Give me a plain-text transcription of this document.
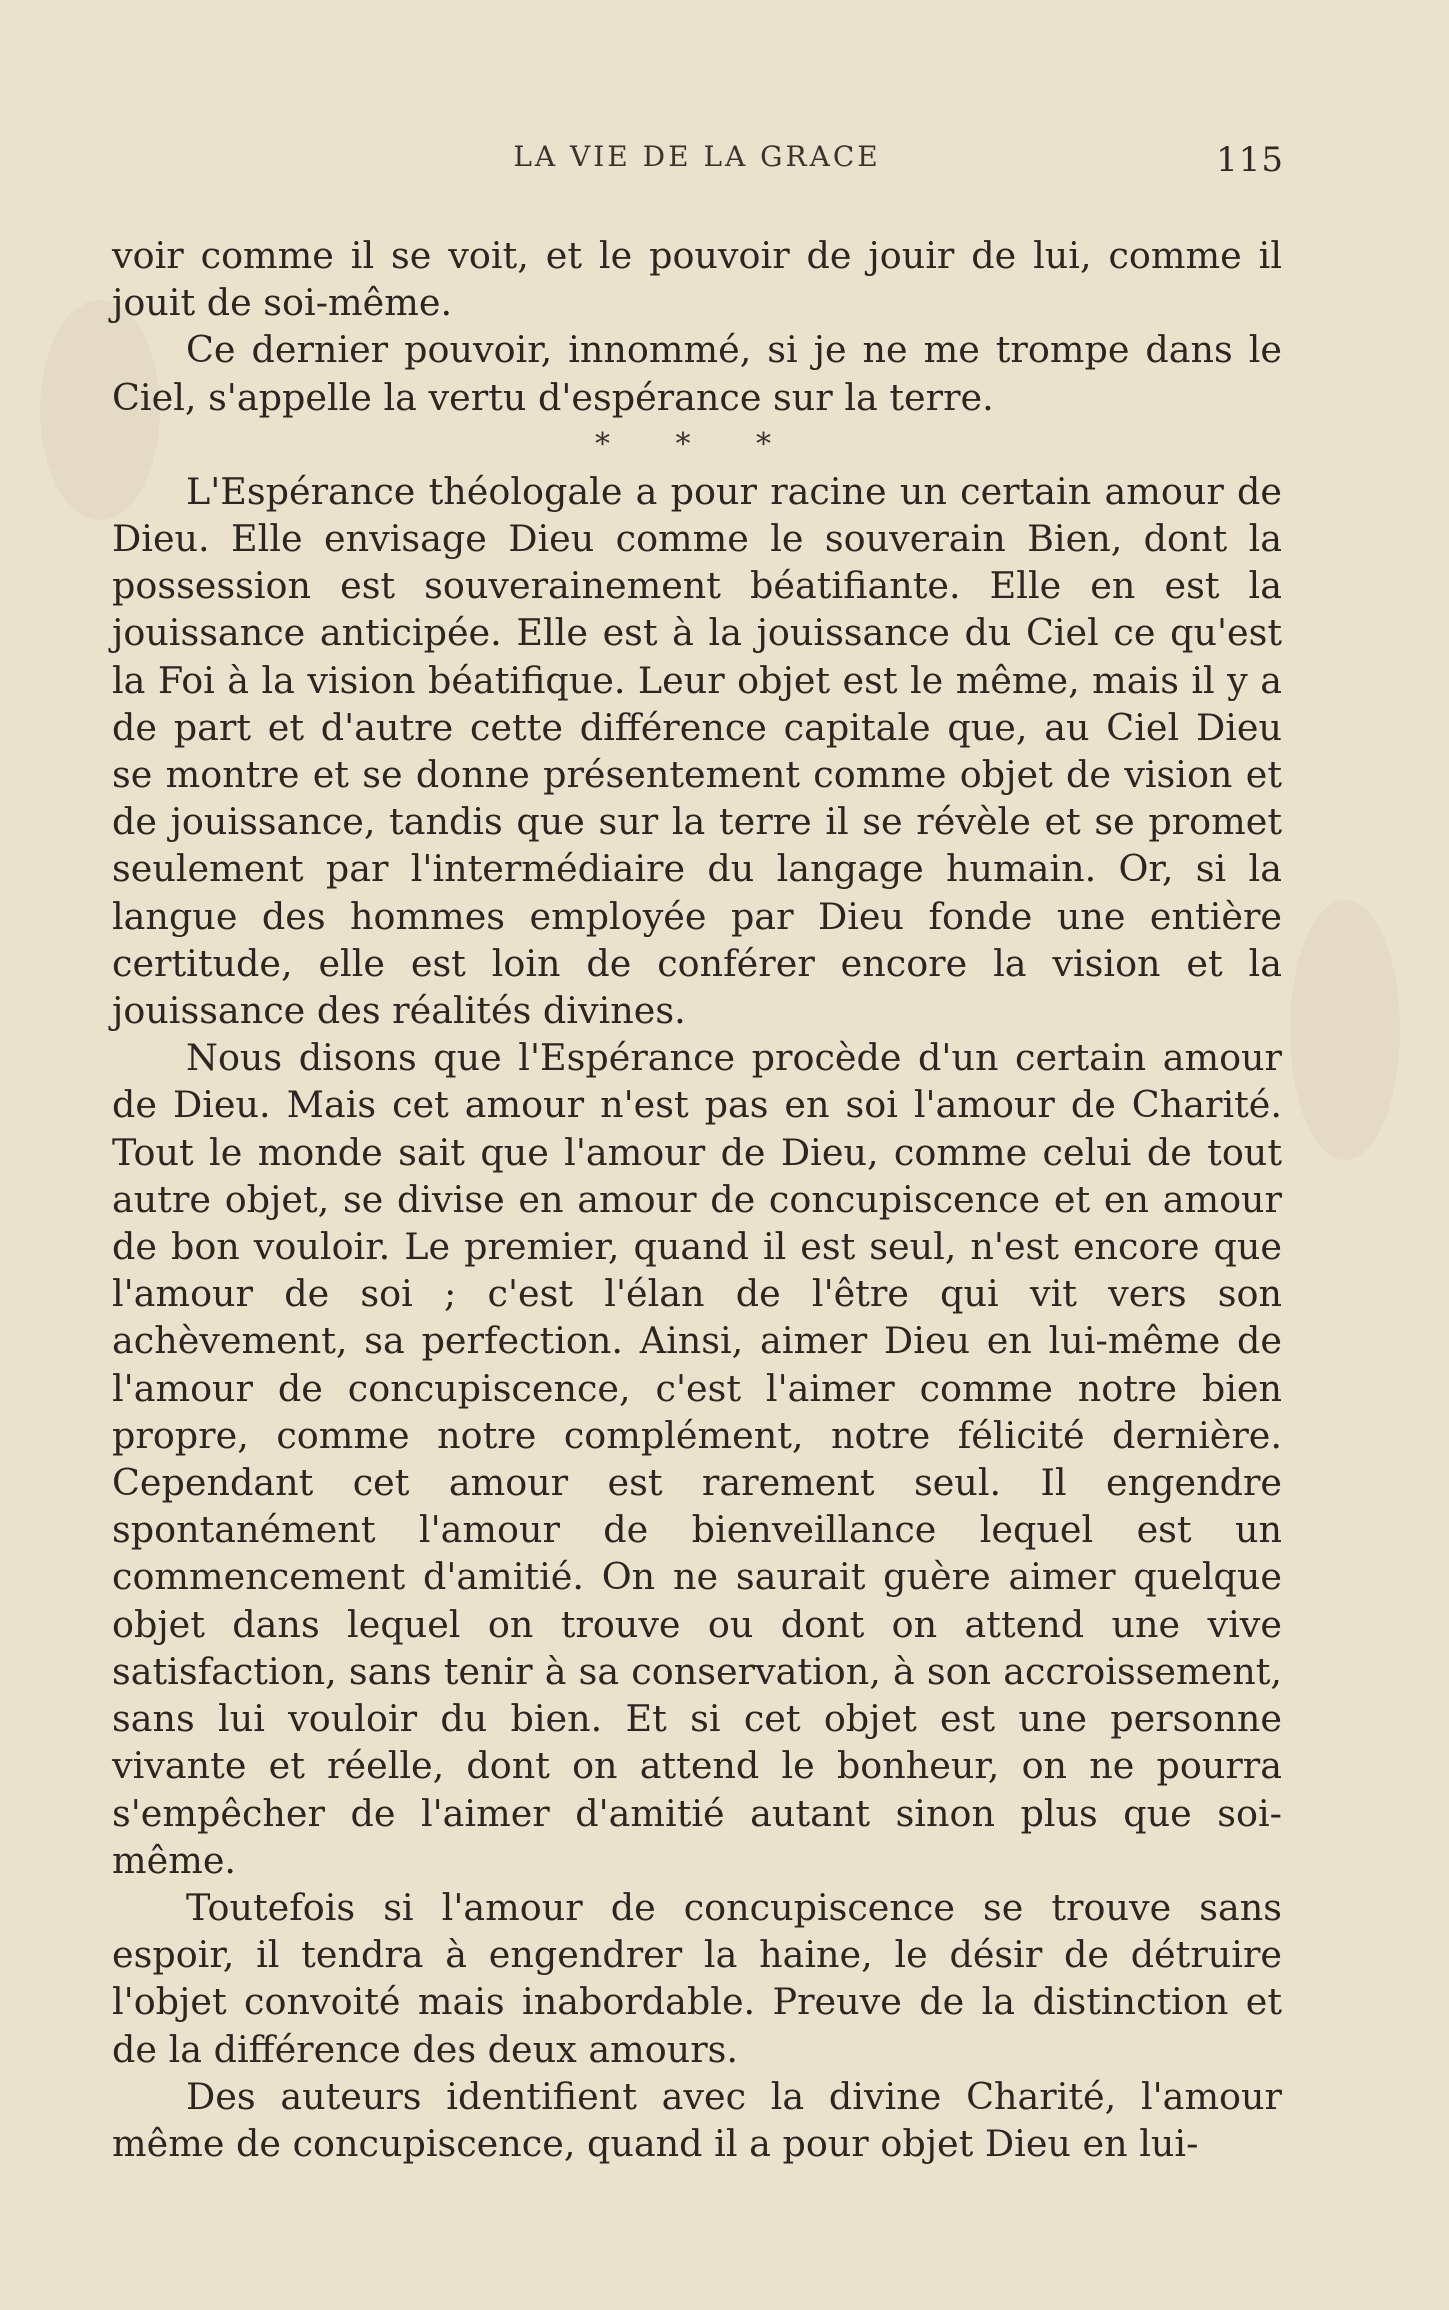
LA VIE DE LA GRACE	115

voir comme il se voit, et le pouvoir de jouir de lui, comme il jouit de soi-même.

Ce dernier pouvoir, innommé, si je ne me trompe dans le Ciel, s'appelle la vertu d'espérance sur la terre.

* * *

L'Espérance théologale a pour racine un certain amour de Dieu. Elle envisage Dieu comme le souverain Bien, dont la possession est souverainement béatifiante. Elle en est la jouissance anticipée. Elle est à la jouissance du Ciel ce qu'est la Foi à la vision béatifique. Leur objet est le même, mais il y a de part et d'autre cette différence capitale que, au Ciel Dieu se montre et se donne présentement comme objet de vision et de jouissance, tandis que sur la terre il se révèle et se promet seulement par l'intermédiaire du langage humain. Or, si la langue des hommes employée par Dieu fonde une entière certitude, elle est loin de conférer encore la vision et la jouissance des réalités divines.

Nous disons que l'Espérance procède d'un certain amour de Dieu. Mais cet amour n'est pas en soi l'amour de Charité. Tout le monde sait que l'amour de Dieu, comme celui de tout autre objet, se divise en amour de concupiscence et en amour de bon vouloir. Le premier, quand il est seul, n'est encore que l'amour de soi ; c'est l'élan de l'être qui vit vers son achèvement, sa perfection. Ainsi, aimer Dieu en lui-même de l'amour de concupiscence, c'est l'aimer comme notre bien propre, comme notre complément, notre félicité dernière. Cependant cet amour est rarement seul. Il engendre spontanément l'amour de bienveillance lequel est un commencement d'amitié. On ne saurait guère aimer quelque objet dans lequel on trouve ou dont on attend une vive satisfaction, sans tenir à sa conservation, à son accroissement, sans lui vouloir du bien. Et si cet objet est une personne vivante et réelle, dont on attend le bonheur, on ne pourra s'empêcher de l'aimer d'amitié autant sinon plus que soi-même.

Toutefois si l'amour de concupiscence se trouve sans espoir, il tendra à engendrer la haine, le désir de détruire l'objet convoité mais inabordable. Preuve de la distinction et de la différence des deux amours.

Des auteurs identifient avec la divine Charité, l'amour même de concupiscence, quand il a pour objet Dieu en lui-
